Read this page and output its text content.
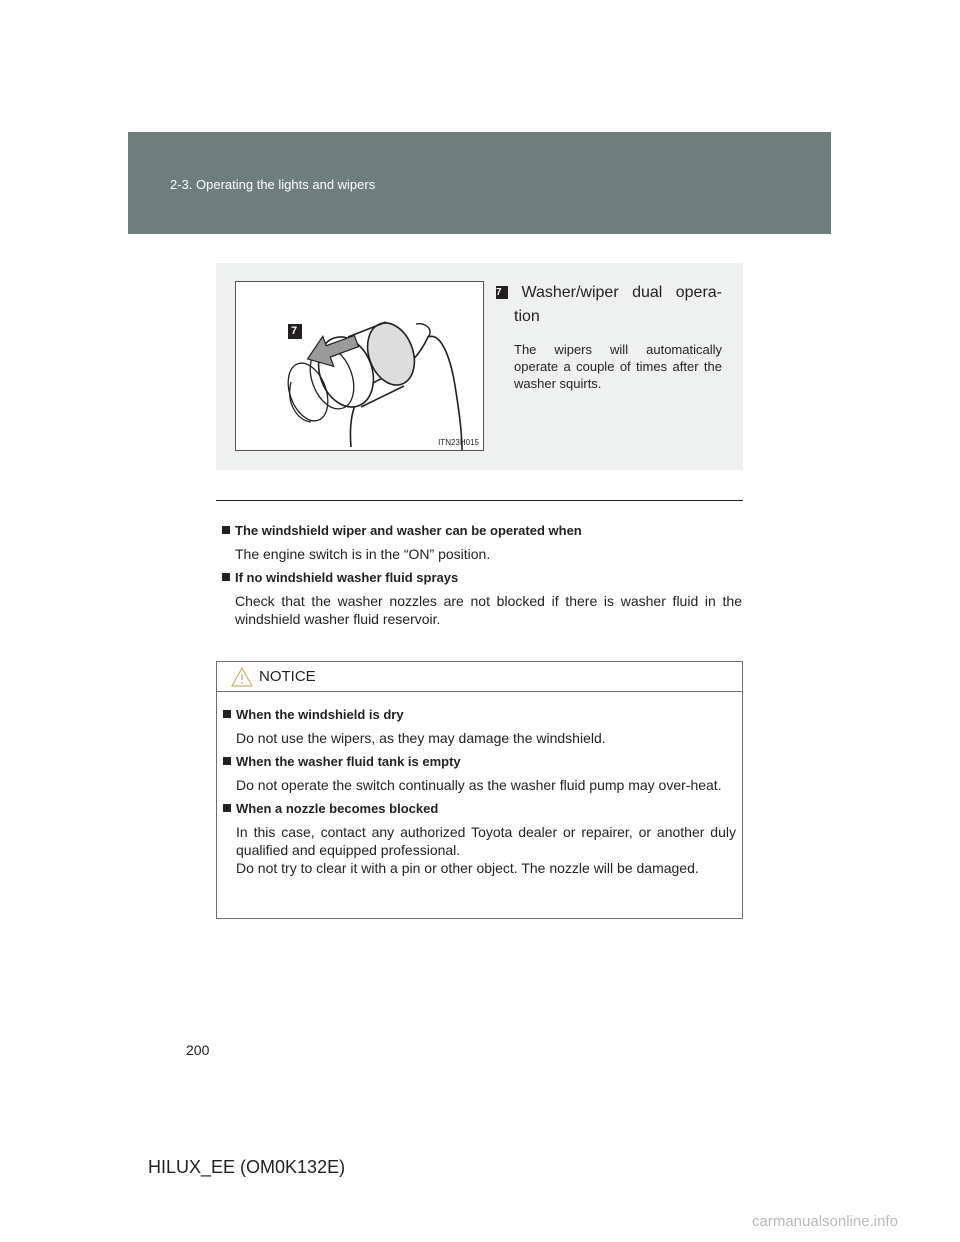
2-3. Operating the lights and wipers
7
ITN23H015
7 Washer/wiper dual opera-
tion
The wipers will automatically operate a couple of times after the washer squirts.
The windshield wiper and washer can be operated when
The engine switch is in the “ON” position.
If no windshield washer fluid sprays
Check that the washer nozzles are not blocked if there is washer fluid in the windshield washer fluid reservoir.
NOTICE
When the windshield is dry
Do not use the wipers, as they may damage the windshield.
When the washer fluid tank is empty
Do not operate the switch continually as the washer fluid pump may over-heat.
When a nozzle becomes blocked
In this case, contact any authorized Toyota dealer or repairer, or another duly qualified and equipped professional.
Do not try to clear it with a pin or other object. The nozzle will be damaged.
200
HILUX_EE (OM0K132E)
carmanualsonline.info
